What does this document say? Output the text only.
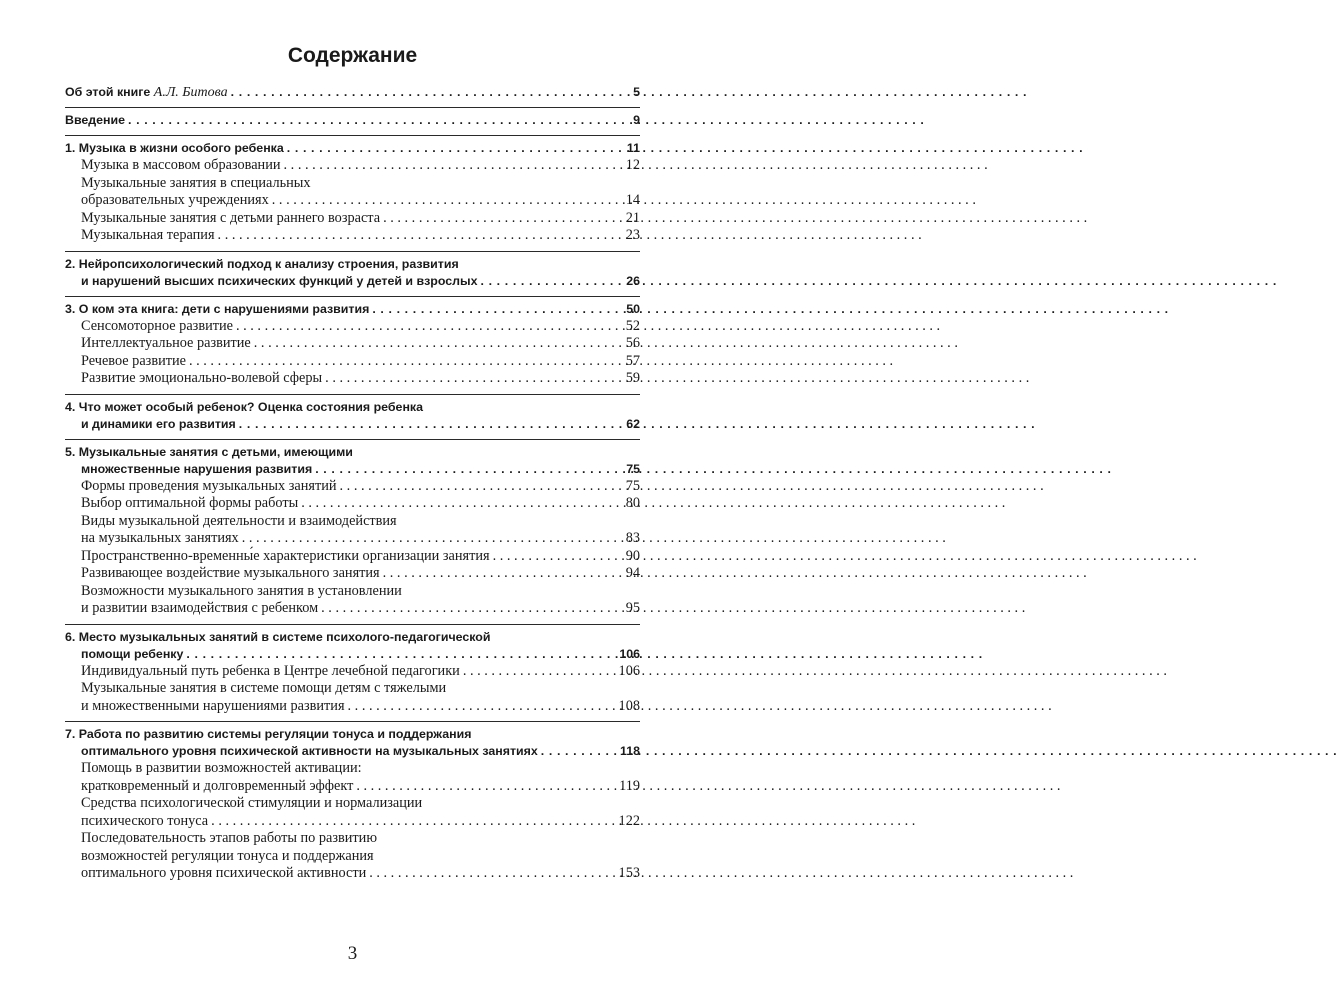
Содержание
Об этой книге А.Л. Битова . . .	5
Введение . . .	9
1. Музыка в жизни особого ребенка . . .	11
Музыка в массовом образовании . . .	12
Музыкальные занятия в специальных
образовательных учреждениях . . .	14
Музыкальные занятия с детьми раннего возраста . . .	21
Музыкальная терапия . . .	23
2. Нейропсихологический подход к анализу строения, развития
и нарушений высших психических функций у детей и взрослых . . .	26
3. О ком эта книга: дети с нарушениями развития . . .	50
Сенсомоторное развитие . . .	52
Интеллектуальное развитие . . .	56
Речевое развитие . . .	57
Развитие эмоционально-волевой сферы . . .	59
4. Что может особый ребенок? Оценка состояния ребенка
и динамики его развития . . .	62
5. Музыкальные занятия с детьми, имеющими
множественные нарушения развития . . .	75
Формы проведения музыкальных занятий . . .	75
Выбор оптимальной формы работы . . .	80
Виды музыкальной деятельности и взаимодействия
на музыкальных занятиях . . .	83
Пространственно-временны́е характеристики организации занятия . . .	90
Развивающее воздействие музыкального занятия . . .	94
Возможности музыкального занятия в установлении
и развитии взаимодействия с ребенком . . .	95
6. Место музыкальных занятий в системе психолого-педагогической
помощи ребенку . . .	106
Индивидуальный путь ребенка в Центре лечебной педагогики . . .	106
Музыкальные занятия в системе помощи детям с тяжелыми
и множественными нарушениями развития . . .	108
7. Работа по развитию системы регуляции тонуса и поддержания
оптимального уровня психической активности на музыкальных занятиях . . .	118
Помощь в развитии возможностей активации:
кратковременный и долговременный эффект . . .	119
Средства психологической стимуляции и нормализации
психического тонуса . . .	122
Последовательность этапов работы по развитию
возможностей регуляции тонуса и поддержания
оптимального уровня психической активности . . .	153
3
